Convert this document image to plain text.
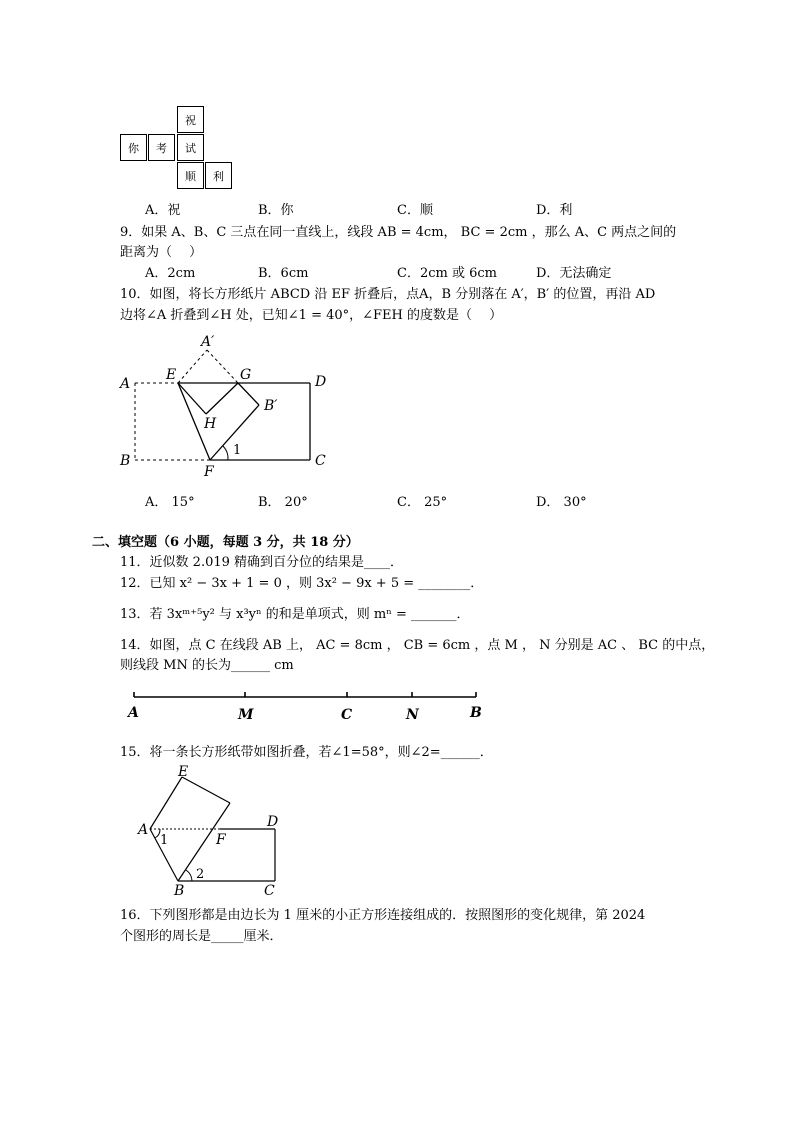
祝
你	考	试
顺	利
A．祝	B．你	C．顺	D．利
9．如果 A、B、C 三点在同一直线上，线段 AB = 4cm， BC = 2cm ，那么 A、C 两点之间的
距离为（　 ）
A．2cm	B．6cm	C．2cm 或 6cm	D．无法确定
10．如图，将长方形纸片 ABCD 沿 EF 折叠后，点A，B 分别落在 A′，B′ 的位置，再沿 AD
边将∠A 折叠到∠H 处，已知∠1 = 40°，∠FEH 的度数是（　 ）
A′
A
E	G	D
B′
H
1
B
F
C
A． 15°	B． 20°	C． 25°	D． 30°
二、填空题（6 小题，每题 3 分，共 18 分）
11．近似数 2.019 精确到百分位的结果是____．
12．已知 x² − 3x + 1 = 0 ，则 3x² − 9x + 5 = ________．
13．若 3xᵐ⁺⁵y² 与 x³yⁿ 的和是单项式，则 mⁿ = _______．
14．如图，点 C 在线段 AB 上， AC = 8cm ， CB = 6cm ，点 M ， N 分别是 AC 、 BC 的中点，
则线段 MN 的长为______ cm
A	M	C	N	B
15．将一条长方形纸带如图折叠，若∠1=58°，则∠2=______．
E
A	D
1	F
2
B	C
16．下列图形都是由边长为 1 厘米的小正方形连接组成的．按照图形的变化规律，第 2024
个图形的周长是_____厘米．
